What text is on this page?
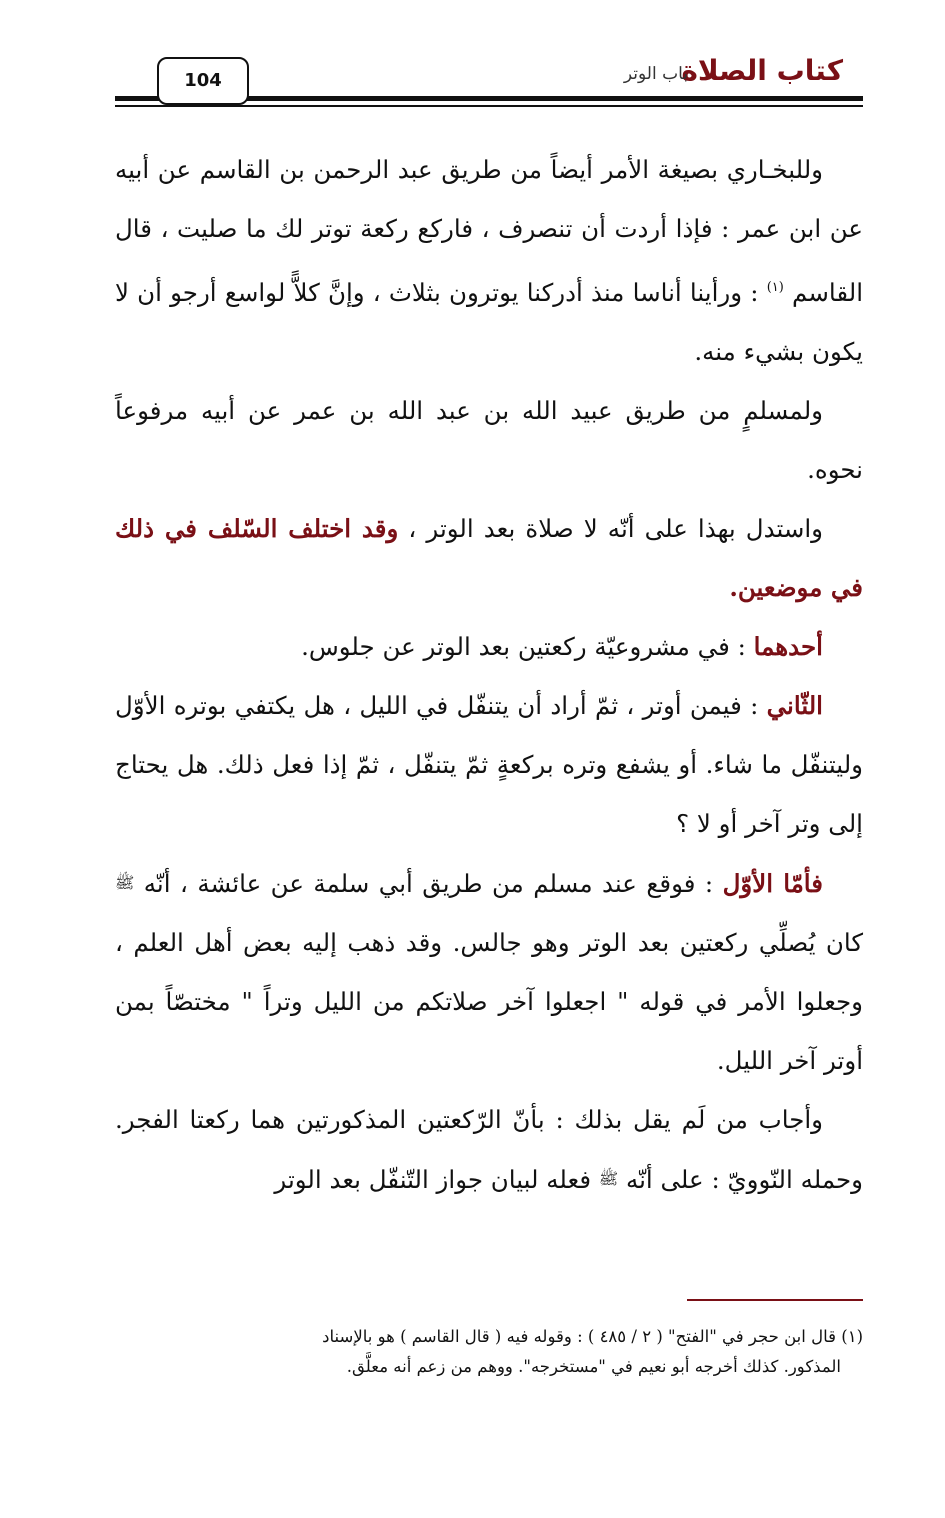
كتاب الصلاة
باب الوتر
104

وللبخـاري بصيغة الأمر أيضاً من طريق عبد الرحمن بن القاسم عن أبيه عن ابن عمر : فإذا أردت أن تنصرف ، فاركع ركعة توتر لك ما صليت ، قال القاسم $^{(١)}$ : ورأينا أناسا منذ أدركنا يوترون بثلاث ، وإنَّ كلاًّ لواسع أرجو أن لا يكون بشيء منه.

ولمسلمٍ من طريق عبيد الله بن عبد الله بن عمر عن أبيه مرفوعاً نحوه.

واستدل بهذا على أنّه لا صلاة بعد الوتر ، وقد اختلف السّلف في ذلك في موضعين.

أحدهما : في مشروعيّة ركعتين بعد الوتر عن جلوس.

الثّاني : فيمن أوتر ، ثمّ أراد أن يتنفّل في الليل ، هل يكتفي بوتره الأوّل وليتنفّل ما شاء. أو يشفع وتره بركعةٍ ثمّ يتنفّل ، ثمّ إذا فعل ذلك. هل يحتاج إلى وتر آخر أو لا ؟

فأمّا الأوّل : فوقع عند مسلم من طريق أبي سلمة عن عائشة ، أنّه ﷺ كان يُصلِّي ركعتين بعد الوتر وهو جالس. وقد ذهب إليه بعض أهل العلم ، وجعلوا الأمر في قوله " اجعلوا آخر صلاتكم من الليل وتراً " مختصّاً بمن أوتر آخر الليل.

وأجاب من لَم يقل بذلك : بأنّ الرّكعتين المذكورتين هما ركعتا الفجر. وحمله النّوويّ : على أنّه ﷺ فعله لبيان جواز التّنفّل بعد الوتر

(١) قال ابن حجر في "الفتح" ( ٢ / ٤٨٥ ) : وقوله فيه ( قال القاسم ) هو بالإسناد

المذكور. كذلك أخرجه أبو نعيم في "مستخرجه". ووهم من زعم أنه معلَّق.
